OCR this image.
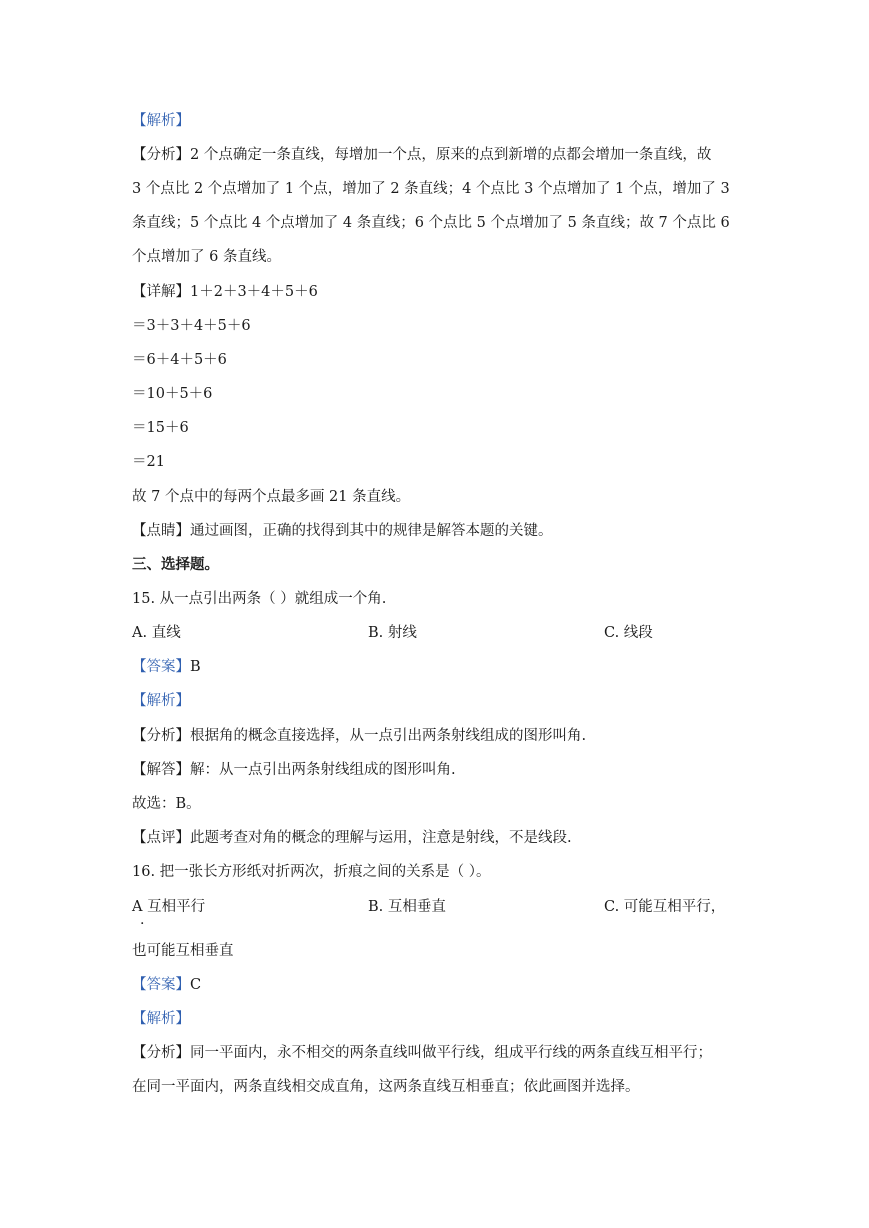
【解析】
【分析】2 个点确定一条直线，每增加一个点，原来的点到新增的点都会增加一条直线，故
3 个点比 2 个点增加了 1 个点，增加了 2 条直线；4 个点比 3 个点增加了 1 个点，增加了 3
条直线；5 个点比 4 个点增加了 4 条直线；6 个点比 5 个点增加了 5 条直线；故 7 个点比 6
个点增加了 6 条直线。
【详解】1＋2＋3＋4＋5＋6
＝3＋3＋4＋5＋6
＝6＋4＋5＋6
＝10＋5＋6
＝15＋6
＝21
故 7 个点中的每两个点最多画 21 条直线。
【点睛】通过画图，正确的找得到其中的规律是解答本题的关键。
三、选择题。
15. 从一点引出两条（ ）就组成一个角.
A. 直线	B. 射线	C. 线段
【答案】B
【解析】
【分析】根据角的概念直接选择，从一点引出两条射线组成的图形叫角.
【解答】解：从一点引出两条射线组成的图形叫角.
故选：B。
【点评】此题考查对角的概念的理解与运用，注意是射线，不是线段.
16. 把一张长方形纸对折两次，折痕之间的关系是（ ）。
A 互相平行
.
B. 互相垂直	C. 可能互相平行，
也可能互相垂直
【答案】C
【解析】
【分析】同一平面内，永不相交的两条直线叫做平行线，组成平行线的两条直线互相平行；
在同一平面内，两条直线相交成直角，这两条直线互相垂直；依此画图并选择。
